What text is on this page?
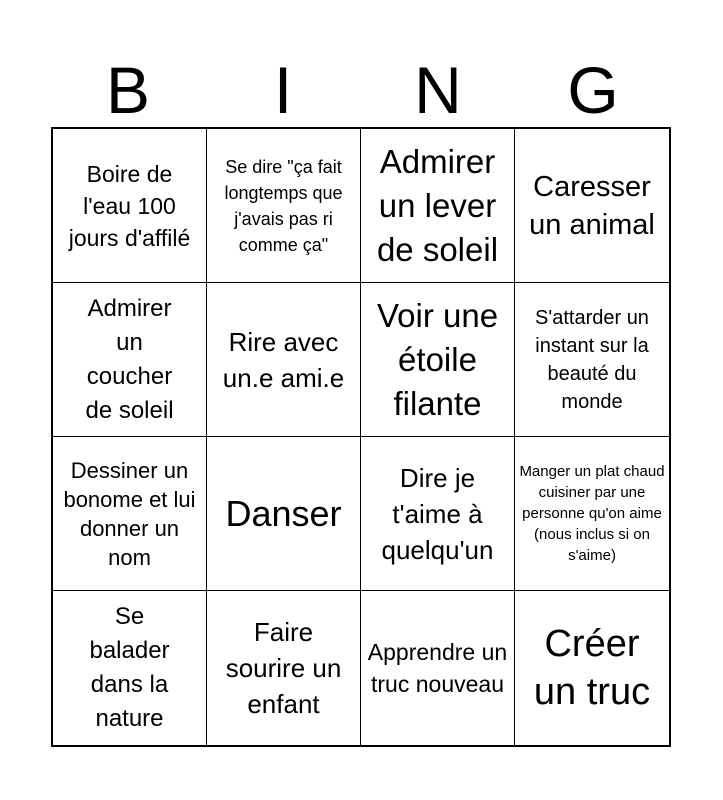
B	I	N	G
Boire de l'eau 100 jours d'affilé
Se dire "ça fait longtemps que j'avais pas ri comme ça"
Admirer un lever de soleil
Caresser un animal
Admirer un coucher de soleil
Rire avec un.e ami.e
Voir une étoile filante
S'attarder un instant sur la beauté du monde
Dessiner un bonome et lui donner un nom
Danser
Dire je t'aime à quelqu'un
Manger un plat chaud cuisiner par une personne qu'on aime (nous inclus si on s'aime)
Se balader dans la nature
Faire sourire un enfant
Apprendre un truc nouveau
Créer un truc
